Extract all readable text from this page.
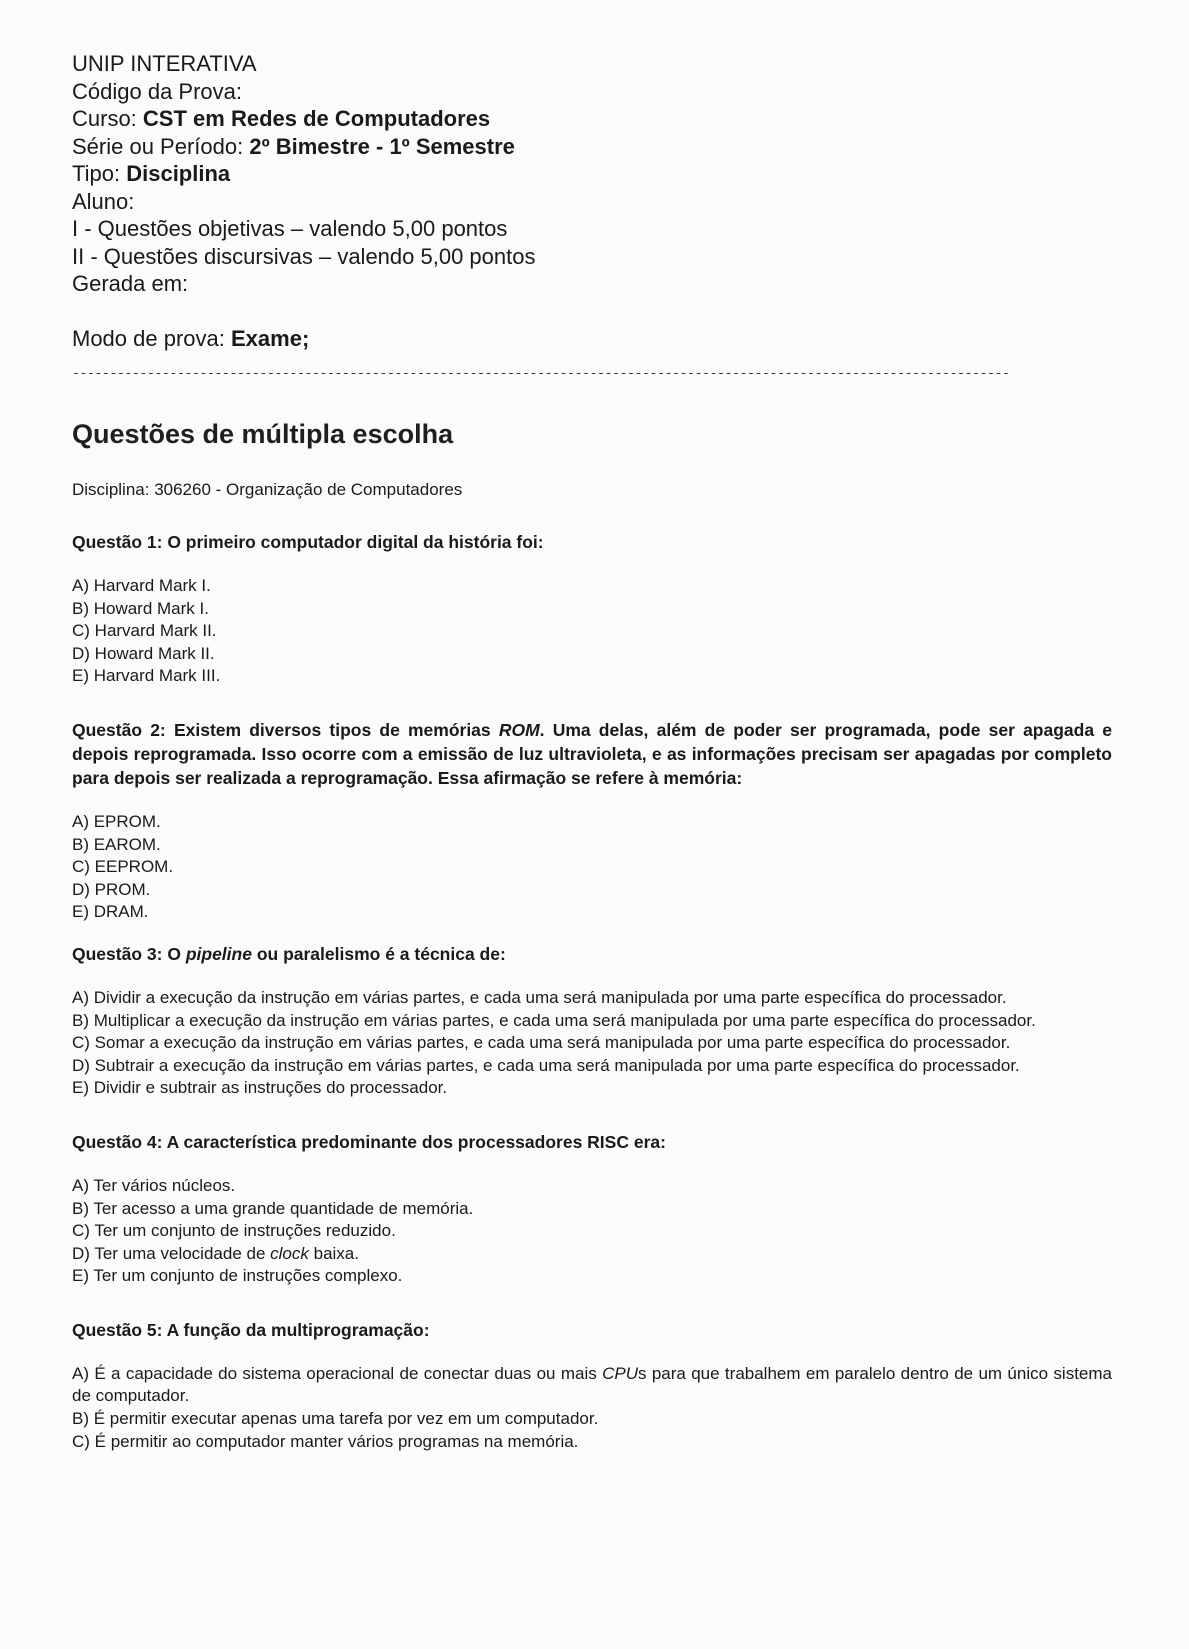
UNIP INTERATIVA

Código da Prova:

Curso: CST em Redes de Computadores

Série ou Período: 2º Bimestre - 1º Semestre

Tipo: Disciplina

Aluno:

I - Questões objetivas – valendo 5,00 pontos

II - Questões discursivas – valendo 5,00 pontos

Gerada em:

Modo de prova: Exame;

-----------------------------------------------------------------------------------------------------------------------------
Questões de múltipla escolha
Disciplina: 306260 - Organização de Computadores
Questão 1: O primeiro computador digital da história foi:

A) Harvard Mark I.

B) Howard Mark I.

C) Harvard Mark II.

D) Howard Mark II.

E) Harvard Mark III.

Questão 2: Existem diversos tipos de memórias ROM. Uma delas, além de poder ser programada, pode ser apagada e depois reprogramada. Isso ocorre com a emissão de luz ultravioleta, e as informações precisam ser apagadas por completo para depois ser realizada a reprogramação. Essa afirmação se refere à memória:

A) EPROM.

B) EAROM.

C) EEPROM.

D) PROM.

E) DRAM.

Questão 3: O pipeline ou paralelismo é a técnica de:

A) Dividir a execução da instrução em várias partes, e cada uma será manipulada por uma parte específica do processador.

B) Multiplicar a execução da instrução em várias partes, e cada uma será manipulada por uma parte específica do processador.

C) Somar a execução da instrução em várias partes, e cada uma será manipulada por uma parte específica do processador.

D) Subtrair a execução da instrução em várias partes, e cada uma será manipulada por uma parte específica do processador.

E) Dividir e subtrair as instruções do processador.

Questão 4: A característica predominante dos processadores RISC era:

A) Ter vários núcleos.

B) Ter acesso a uma grande quantidade de memória.

C) Ter um conjunto de instruções reduzido.

D) Ter uma velocidade de clock baixa.

E) Ter um conjunto de instruções complexo.

Questão 5: A função da multiprogramação:

A) É a capacidade do sistema operacional de conectar duas ou mais CPUs para que trabalhem em paralelo dentro de um único sistema de computador.

B) É permitir executar apenas uma tarefa por vez em um computador.

C) É permitir ao computador manter vários programas na memória.
